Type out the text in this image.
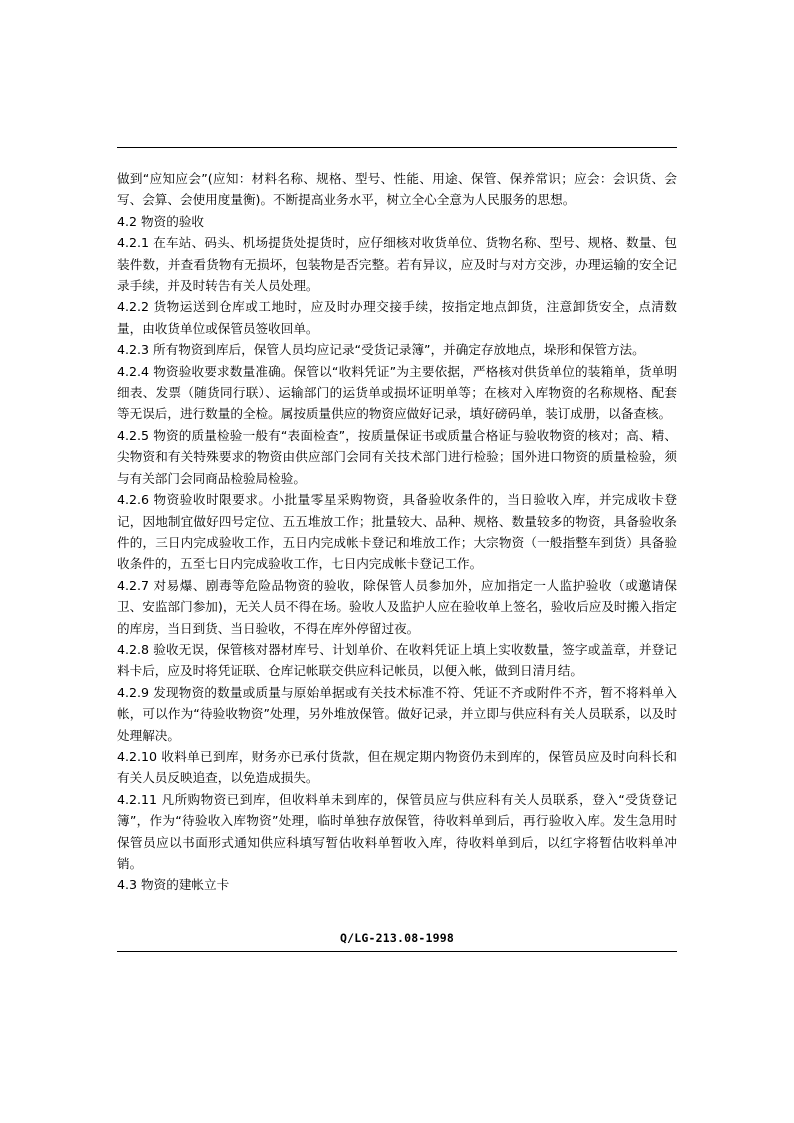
做到“应知应会”(应知：材料名称、规格、型号、性能、用途、保管、保养常识；应会：会识货、会写、会算、会使用度量衡)。不断提高业务水平，树立全心全意为人民服务的思想。

4.2 物资的验收

4.2.1 在车站、码头、机场提货处提货时，应仔细核对收货单位、货物名称、型号、规格、数量、包装件数，并查看货物有无损坏，包装物是否完整。若有异议，应及时与对方交涉，办理运输的安全记录手续，并及时转告有关人员处理。

4.2.2 货物运送到仓库或工地时，应及时办理交接手续，按指定地点卸货，注意卸货安全，点清数量，由收货单位或保管员签收回单。

4.2.3 所有物资到库后，保管人员均应记录“受货记录簿”，并确定存放地点，垛形和保管方法。

4.2.4 物资验收要求数量准确。保管以“收料凭证”为主要依据，严格核对供货单位的装箱单，货单明细表、发票（随货同行联）、运输部门的运货单或损坏证明单等；在核对入库物资的名称规格、配套等无误后，进行数量的全检。属按质量供应的物资应做好记录，填好磅码单，装订成册，以备查核。

4.2.5 物资的质量检验一般有“表面检查”，按质量保证书或质量合格证与验收物资的核对；高、精、尖物资和有关特殊要求的物资由供应部门会同有关技术部门进行检验；国外进口物资的质量检验，须与有关部门会同商品检验局检验。

4.2.6 物资验收时限要求。小批量零星采购物资，具备验收条件的，当日验收入库，并完成收卡登记，因地制宜做好四号定位、五五堆放工作；批量较大、品种、规格、数量较多的物资，具备验收条件的，三日内完成验收工作，五日内完成帐卡登记和堆放工作；大宗物资（一般指整车到货）具备验收条件的，五至七日内完成验收工作，七日内完成帐卡登记工作。

4.2.7 对易爆、剧毒等危险品物资的验收，除保管人员参加外，应加指定一人监护验收（或邀请保卫、安监部门参加)，无关人员不得在场。验收人及监护人应在验收单上签名，验收后应及时搬入指定的库房，当日到货、当日验收，不得在库外停留过夜。

4.2.8 验收无误，保管核对器材库号、计划单价、在收料凭证上填上实收数量，签字或盖章，并登记料卡后，应及时将凭证联、仓库记帐联交供应科记帐员，以便入帐，做到日清月结。

4.2.9 发现物资的数量或质量与原始单据或有关技术标准不符、凭证不齐或附件不齐，暂不将料单入帐，可以作为“待验收物资”处理，另外堆放保管。做好记录，并立即与供应科有关人员联系，以及时处理解决。

4.2.10 收料单已到库，财务亦已承付货款，但在规定期内物资仍未到库的，保管员应及时向科长和有关人员反映追查，以免造成损失。

4.2.11 凡所购物资已到库，但收料单未到库的，保管员应与供应科有关人员联系，登入“受货登记簿”，作为“待验收入库物资”处理，临时单独存放保管，待收料单到后，再行验收入库。发生急用时保管员应以书面形式通知供应科填写暂估收料单暂收入库，待收料单到后，以红字将暂估收料单冲销。

4.3 物资的建帐立卡

Q/LG-213.08-1998
